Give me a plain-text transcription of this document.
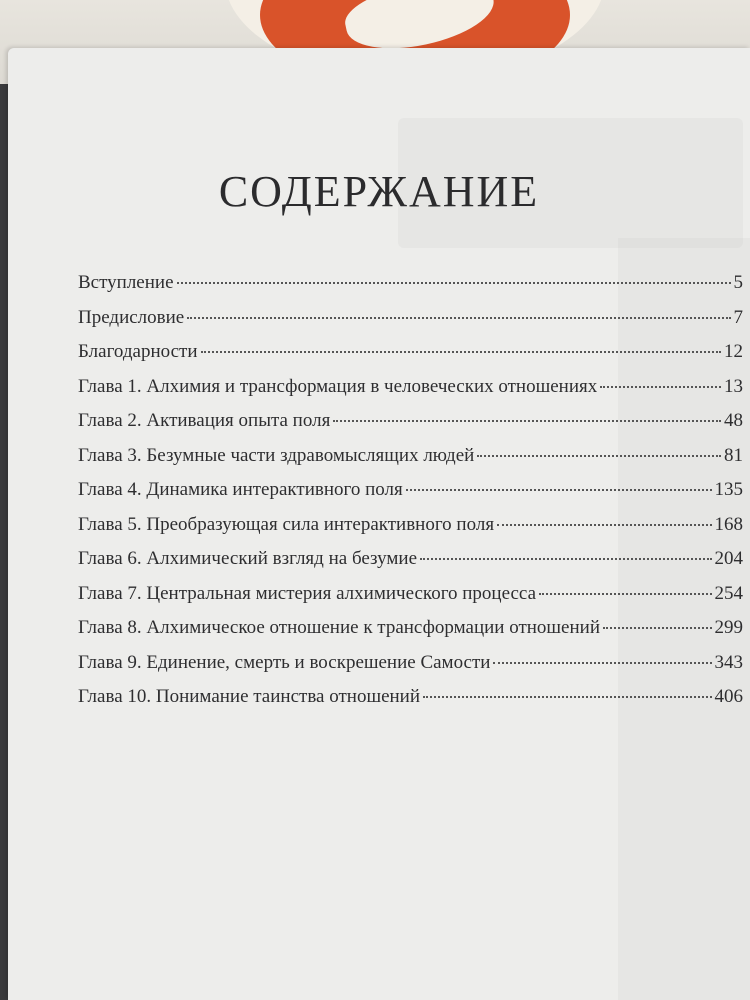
СОДЕРЖАНИЕ
Вступление	5
Предисловие	7
Благодарности	12
Глава 1. Алхимия и трансформация в человеческих отношениях	13
Глава 2. Активация опыта поля	48
Глава 3. Безумные части здравомыслящих людей	81
Глава 4. Динамика интерактивного поля	135
Глава 5. Преобразующая сила интерактивного поля	168
Глава 6. Алхимический взгляд на безумие	204
Глава 7. Центральная мистерия алхимического процесса	254
Глава 8. Алхимическое отношение к трансформации отношений	299
Глава 9. Единение, смерть и воскрешение Самости	343
Глава 10. Понимание таинства отношений	406
